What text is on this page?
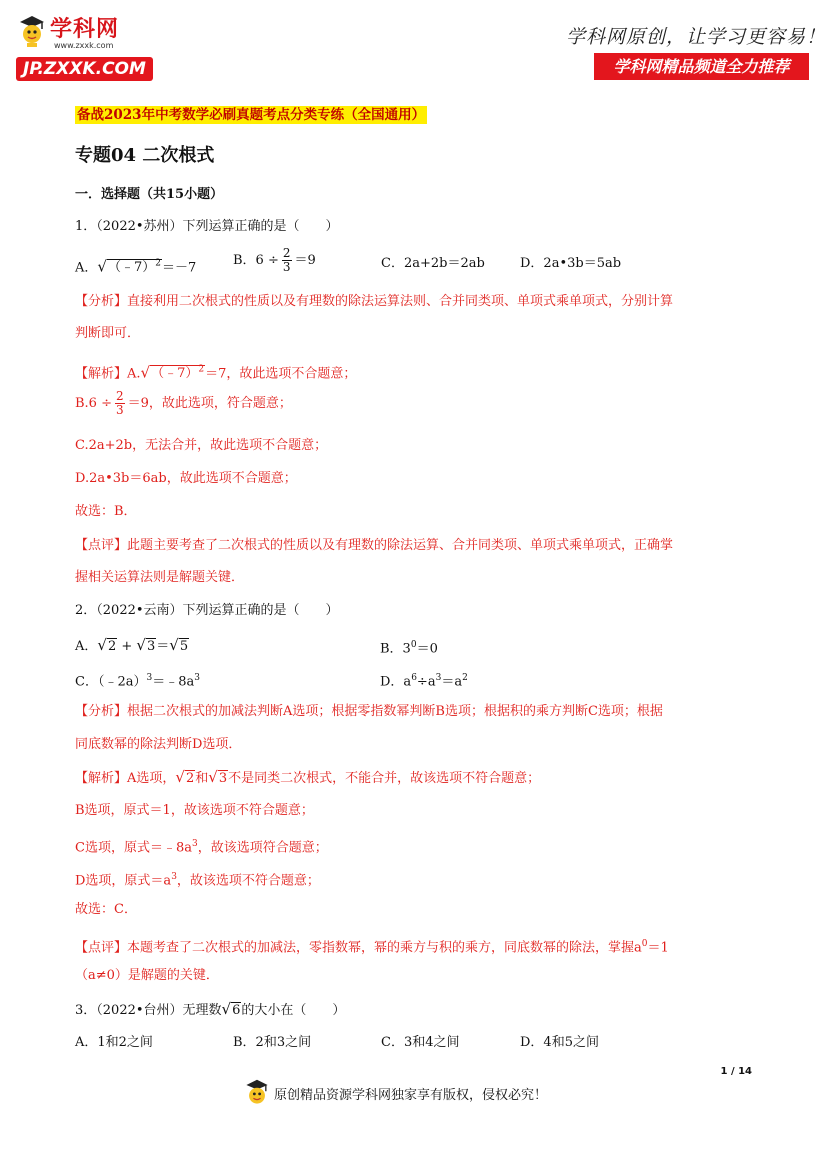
学科网
www.zxxk.com
JP.ZXXK.COM
学科网原创，让学习更容易！
学科网精品频道全力推荐
备战2023年中考数学必刷真题考点分类专练（全国通用）
专题04 二次根式
一．选择题（共15小题）
1．（2022•苏州）下列运算正确的是（　　）
A．√（﹣7）$^2$＝－7	B．$6 \div \frac{2}{3} =9$	C．2a+2b＝2ab	D．2a•3b＝5ab
【分析】直接利用二次根式的性质以及有理数的除法运算法则、合并同类项、单项式乘单项式，分别计算
判断即可．
【解析】A.√（﹣7）$^2$＝7，故此选项不合题意；
$B.6 \div \frac{2}{3} =9$，故此选项，符合题意；
C.2a+2b，无法合并，故此选项不合题意；
D.2a•3b＝6ab，故此选项不合题意；
故选：B．
【点评】此题主要考查了二次根式的性质以及有理数的除法运算、合并同类项、单项式乘单项式，正确掌
握相关运算法则是解题关键．
2．（2022•云南）下列运算正确的是（　　）
A．√2 + √3＝√5	B．$3^0=0$
C．$(﹣2a)^3=﹣8a^3$	D．$a^6\div a^3=a^2$
【分析】根据二次根式的加减法判断A选项；根据零指数幂判断B选项；根据积的乘方判断C选项；根据
同底数幂的除法判断D选项．
【解析】A选项，√2和√3不是同类二次根式，不能合并，故该选项不符合题意；
B选项，原式＝1，故该选项不符合题意；
C选项，原式$=﹣8a^3$，故该选项符合题意；
D选项，原式$=a^3$，故该选项不符合题意；
故选：C．
【点评】本题考查了二次根式的加减法，零指数幂，幂的乘方与积的乘方，同底数幂的除法，掌握$a^0=1$
（a≠0）是解题的关键．
3．（2022•台州）无理数√6的大小在（　　）
A．1和2之间	B．2和3之间	C．3和4之间	D．4和5之间
1 / 14
原创精品资源学科网独家享有版权，侵权必究！
